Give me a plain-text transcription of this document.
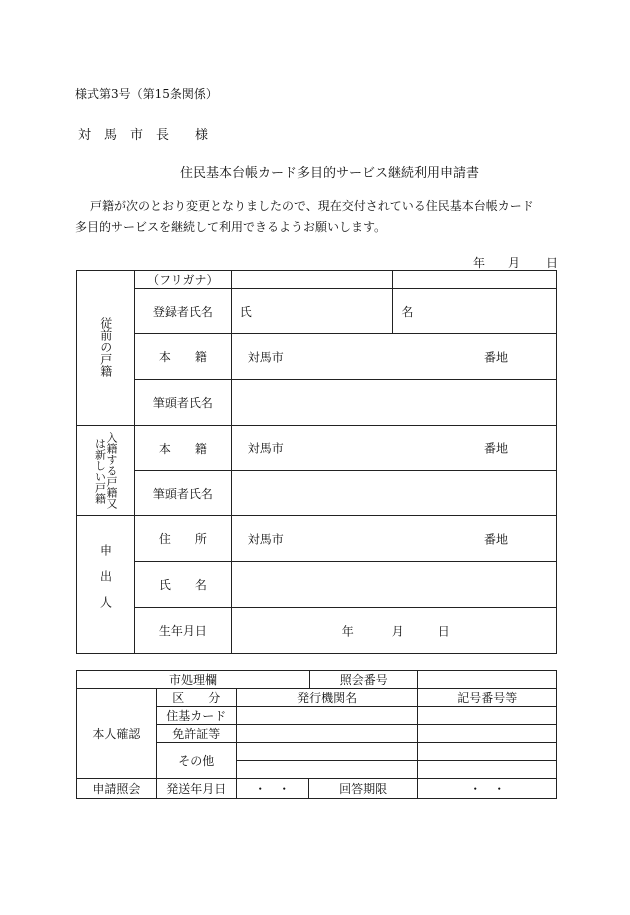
様式第3号（第15条関係）
対　馬　市　長　　様
住民基本台帳カード多目的サービス継続利用申請書
戸籍が次のとおり変更となりましたので、現在交付されている住民基本台帳カード
多目的サービスを継続して利用できるようお願いします。
年 月 日
従前の戸籍	（フリガナ）		
	登録者氏名	氏	名
	本　　籍	対馬市 番地	

	筆頭者氏名		

入籍する戸籍又は新しい戸籍	本　　籍	対馬市 番地	

	筆頭者氏名		
申出人	住　　所	対馬市 番地	

	氏　　名		
	生年月日	年 月 日	
市処理欄 照会番号				

本人確認	区　　分	発行機関名		記号番号等
	住基カード			
	免許証等			
	その他			

申請照会	発送年月日	・　・	回答期限	・　・
